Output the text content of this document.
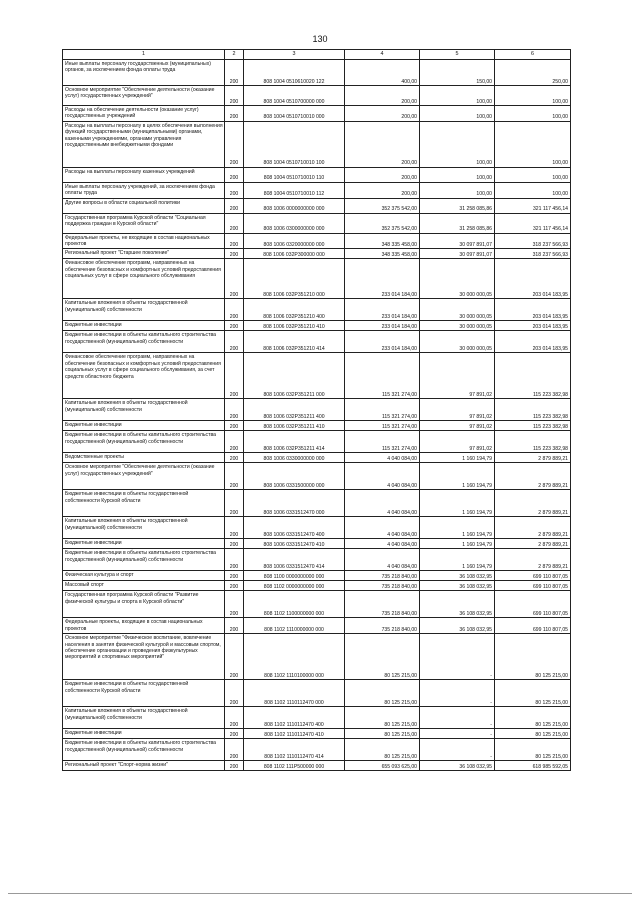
130
1	2	3	4	5	6
Иные выплаты персоналу государственных (муниципальных) органов, за исключением фонда оплаты труда	200	808 1004 0510610020 122	400,00	150,00	250,00
Основное мероприятие "Обеспечение деятельности (оказание услуг) государственных учреждений"	200	808 1004 0510700000 000	200,00	100,00	100,00
Расходы на обеспечение деятельности (оказание услуг) государственных учреждений	200	808 1004 0510710010 000	200,00	100,00	100,00
Расходы на выплаты персоналу в целях обеспечения выполнения функций государственными (муниципальными) органами, казенными учреждениями, органами управления государственными внебюджетными фондами	200	808 1004 0510710010 100	200,00	100,00	100,00
Расходы на выплаты персоналу казенных учреждений	200	808 1004 0510710010 110	200,00	100,00	100,00
Иные выплаты персоналу учреждений, за исключением фонда оплаты труда	200	808 1004 0510710010 112	200,00	100,00	100,00
Другие вопросы в области социальной политики	200	808 1006 0000000000 000	352 375 542,00	31 258 085,86	321 117 456,14
Государственная программа Курской области "Социальная поддержка граждан в Курской области"	200	808 1006 0300000000 000	352 375 542,00	31 258 085,86	321 117 456,14
Федеральные проекты, не входящие в состав национальных проектов	200	808 1006 0320000000 000	348 335 458,00	30 097 891,07	318 237 566,93
Региональный проект "Старшее поколение"	200	808 1006 032P300000 000	348 335 458,00	30 097 891,07	318 237 566,93
Финансовое обеспечение программ, направленных на обеспечение безопасных и комфортных условий предоставления социальных услуг в сфере социального обслуживания	200	808 1006 032P351210 000	233 014 184,00	30 000 000,05	203 014 183,95
Капитальные вложения в объекты государственной (муниципальной) собственности	200	808 1006 032P351210 400	233 014 184,00	30 000 000,05	203 014 183,95
Бюджетные инвестиции	200	808 1006 032P351210 410	233 014 184,00	30 000 000,05	203 014 183,95
Бюджетные инвестиции в объекты капитального строительства государственной (муниципальной) собственности	200	808 1006 032P351210 414	233 014 184,00	30 000 000,05	203 014 183,95
Финансовое обеспечение программ, направленных на обеспечение безопасных и комфортных условий предоставления социальных услуг в сфере социального обслуживания, за счет средств областного бюджета	200	808 1006 032P351211 000	115 321 274,00	97 891,02	115 223 382,98
Капитальные вложения в объекты государственной (муниципальной) собственности	200	808 1006 032P351211 400	115 321 274,00	97 891,02	115 223 382,98
Бюджетные инвестиции	200	808 1006 032P351211 410	115 321 274,00	97 891,02	115 223 382,98
Бюджетные инвестиции в объекты капитального строительства государственной (муниципальной) собственности	200	808 1006 032P351211 414	115 321 274,00	97 891,02	115 223 382,98
Ведомственные проекты	200	808 1006 0330000000 000	4 040 084,00	1 160 194,79	2 879 889,21
Основное мероприятие "Обеспечение деятельности (оказание услуг) государственных учреждений"	200	808 1006 0331500000 000	4 040 084,00	1 160 194,79	2 879 889,21
Бюджетные инвестиции в объекты государственной собственности Курской области	200	808 1006 0331512470 000	4 040 084,00	1 160 194,79	2 879 889,21
Капитальные вложения в объекты государственной (муниципальной) собственности	200	808 1006 0331512470 400	4 040 084,00	1 160 194,79	2 879 889,21
Бюджетные инвестиции	200	808 1006 0331512470 410	4 040 084,00	1 160 194,79	2 879 889,21
Бюджетные инвестиции в объекты капитального строительства государственной (муниципальной) собственности	200	808 1006 0331512470 414	4 040 084,00	1 160 194,79	2 879 889,21
Физическая культура и спорт	200	808 1100 0000000000 000	735 218 840,00	36 108 032,95	699 110 807,05
Массовый спорт	200	808 1102 0000000000 000	735 218 840,00	36 108 032,95	699 110 807,05
Государственная программа Курской области "Развитие физической культуры и спорта в Курской области"	200	808 1102 1100000000 000	735 218 840,00	36 108 032,95	699 110 807,05
Федеральные проекты, входящие в состав национальных проектов	200	808 1102 1110000000 000	735 218 840,00	36 108 032,95	699 110 807,05
Основное мероприятие "Физическое воспитание, вовлечение населения в занятия физической культурой и массовым спортом, обеспечение организации и проведения физкультурных мероприятий и спортивных мероприятий"	200	808 1102 1110100000 000	80 125 215,00	-	80 125 215,00
Бюджетные инвестиции в объекты государственной собственности Курской области	200	808 1102 1110112470 000	80 125 215,00	-	80 125 215,00
Капитальные вложения в объекты государственной (муниципальной) собственности	200	808 1102 1110112470 400	80 125 215,00	-	80 125 215,00
Бюджетные инвестиции	200	808 1102 1110112470 410	80 125 215,00	-	80 125 215,00
Бюджетные инвестиции в объекты капитального строительства государственной (муниципальной) собственности	200	808 1102 1110112470 414	80 125 215,00	-	80 125 215,00
Региональный проект "Спорт-норма жизни"	200	808 1102 111P500000 000	655 093 625,00	36 108 032,95	618 985 592,05
